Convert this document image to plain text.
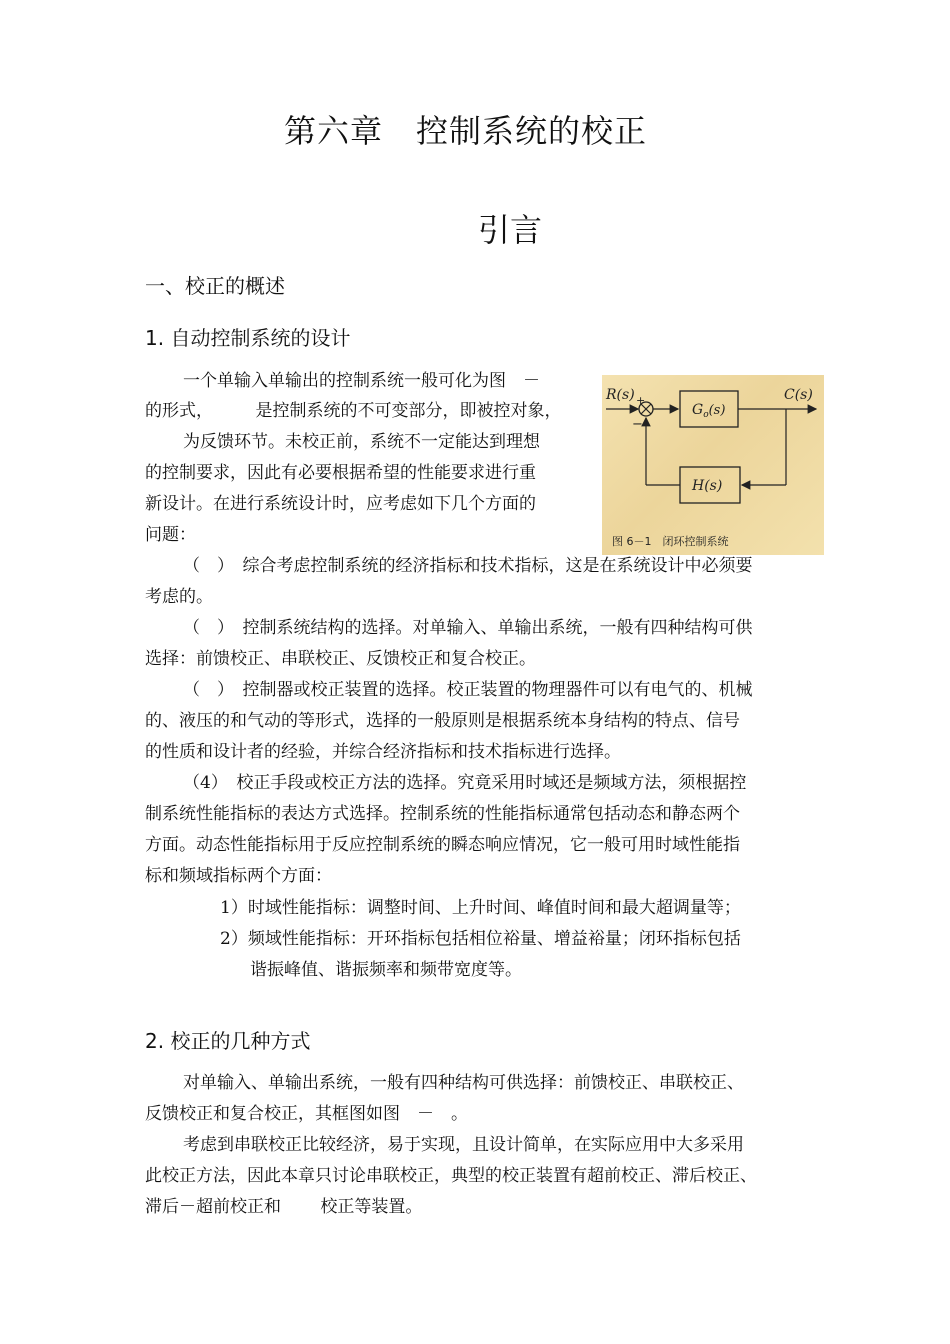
第六章　控制系统的校正
引言
一、校正的概述
1. 自动控制系统的设计
一个单输入单输出的控制系统一般可化为图　－
的形式，　　　是控制系统的不可变部分，即被控对象，
为反馈环节。未校正前，系统不一定能达到理想
的控制要求，因此有必要根据希望的性能要求进行重
新设计。在进行系统设计时，应考虑如下几个方面的
问题：
R(s) +
−
C(s)
$G_o(s)$
H(s)
图 6－1　闭环控制系统
（　）　综合考虑控制系统的经济指标和技术指标，这是在系统设计中必须要
考虑的。
（　）　控制系统结构的选择。对单输入、单输出系统，一般有四种结构可供
选择：前馈校正、串联校正、反馈校正和复合校正。
（　）　控制器或校正装置的选择。校正装置的物理器件可以有电气的、机械
的、液压的和气动的等形式，选择的一般原则是根据系统本身结构的特点、信号
的性质和设计者的经验，并综合经济指标和技术指标进行选择。
（4）　校正手段或校正方法的选择。究竟采用时域还是频域方法，须根据控
制系统性能指标的表达方式选择。控制系统的性能指标通常包括动态和静态两个
方面。动态性能指标用于反应控制系统的瞬态响应情况，它一般可用时域性能指
标和频域指标两个方面：
1）时域性能指标：调整时间、上升时间、峰值时间和最大超调量等；
2）频域性能指标：开环指标包括相位裕量、增益裕量；闭环指标包括
谐振峰值、谐振频率和频带宽度等。
2. 校正的几种方式
对单输入、单输出系统，一般有四种结构可供选择：前馈校正、串联校正、
反馈校正和复合校正，其框图如图　－　。
考虑到串联校正比较经济，易于实现，且设计简单，在实际应用中大多采用
此校正方法，因此本章只讨论串联校正，典型的校正装置有超前校正、滞后校正、
滞后－超前校正和　　 校正等装置。
